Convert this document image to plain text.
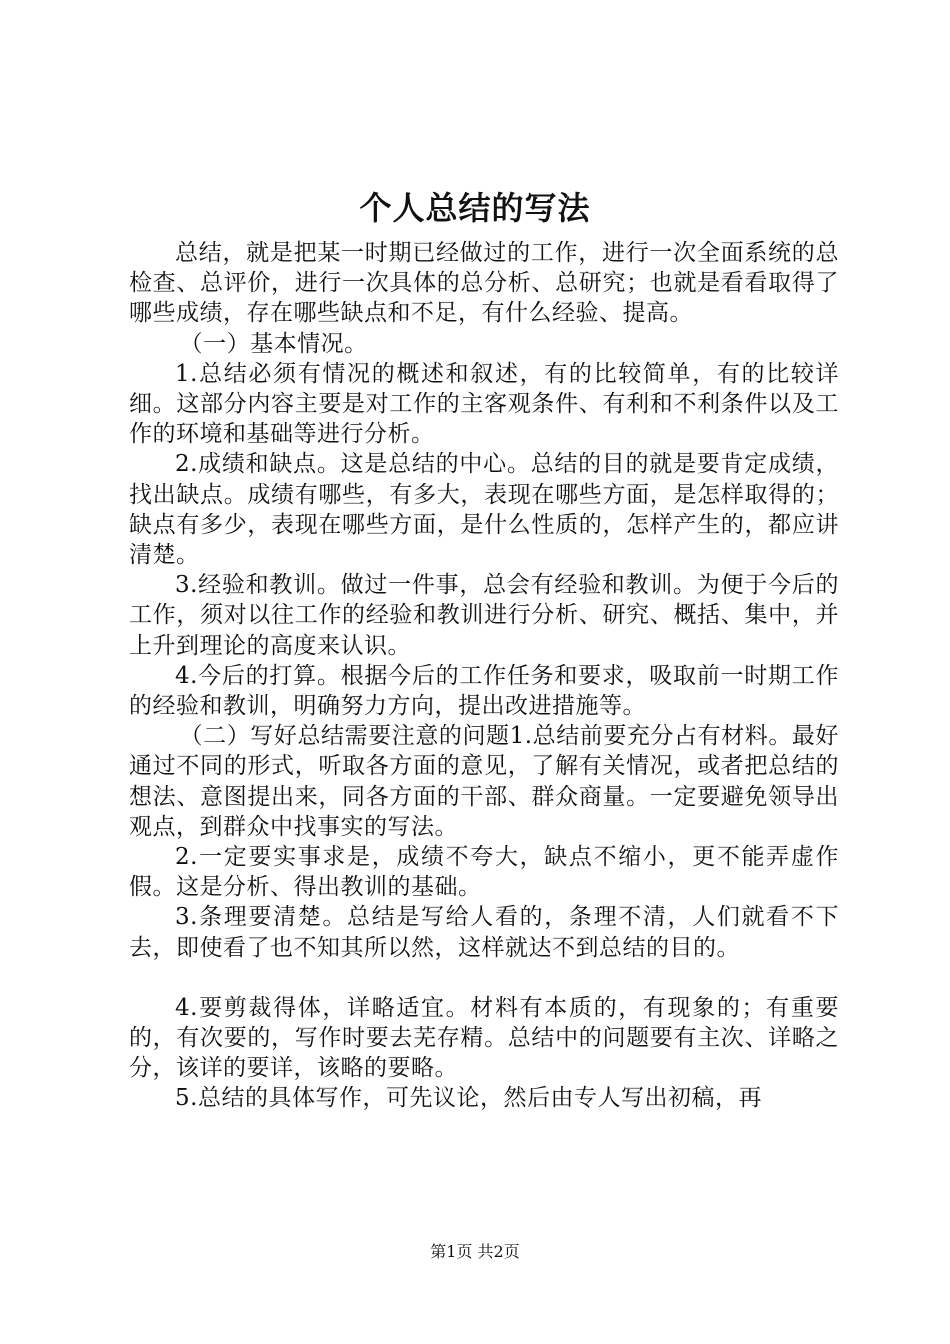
个人总结的写法

总结，就是把某一时期已经做过的工作，进行一次全面系统的总检查、总评价，进行一次具体的总分析、总研究；也就是看看取得了哪些成绩，存在哪些缺点和不足，有什么经验、提高。

（一）基本情况。

1.总结必须有情况的概述和叙述，有的比较简单，有的比较详细。这部分内容主要是对工作的主客观条件、有利和不利条件以及工作的环境和基础等进行分析。

2.成绩和缺点。这是总结的中心。总结的目的就是要肯定成绩，找出缺点。成绩有哪些，有多大，表现在哪些方面，是怎样取得的；缺点有多少，表现在哪些方面，是什么性质的，怎样产生的，都应讲清楚。

3.经验和教训。做过一件事，总会有经验和教训。为便于今后的工作，须对以往工作的经验和教训进行分析、研究、概括、集中，并上升到理论的高度来认识。

4.今后的打算。根据今后的工作任务和要求，吸取前一时期工作的经验和教训，明确努力方向，提出改进措施等。

（二）写好总结需要注意的问题1.总结前要充分占有材料。最好通过不同的形式，听取各方面的意见，了解有关情况，或者把总结的想法、意图提出来，同各方面的干部、群众商量。一定要避免领导出观点，到群众中找事实的写法。

2.一定要实事求是，成绩不夸大，缺点不缩小，更不能弄虚作假。这是分析、得出教训的基础。

3.条理要清楚。总结是写给人看的，条理不清，人们就看不下去，即使看了也不知其所以然，这样就达不到总结的目的。

4.要剪裁得体，详略适宜。材料有本质的，有现象的；有重要的，有次要的，写作时要去芜存精。总结中的问题要有主次、详略之分，该详的要详，该略的要略。

5.总结的具体写作，可先议论，然后由专人写出初稿，再

第1页 共2页
